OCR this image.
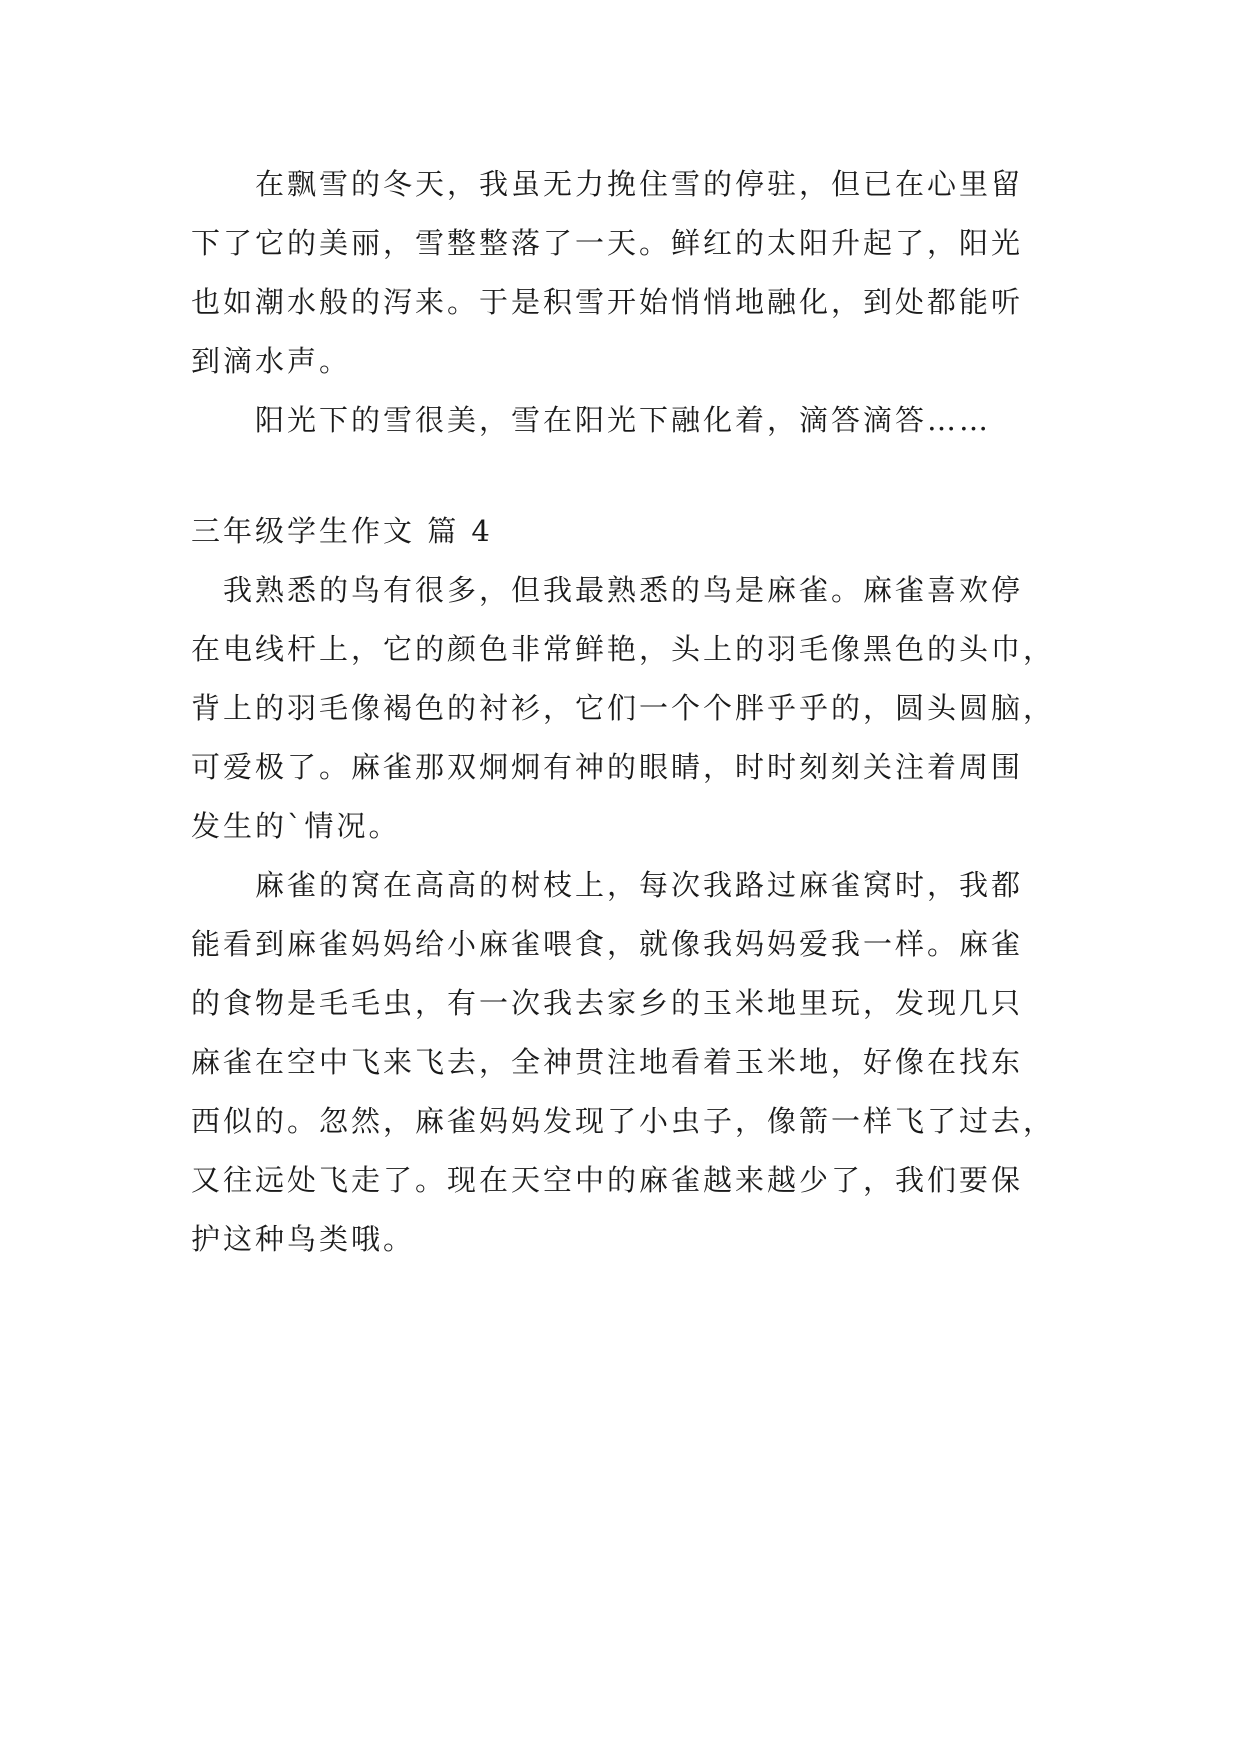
在飘雪的冬天，我虽无力挽住雪的停驻，但已在心里留
下了它的美丽，雪整整落了一天。鲜红的太阳升起了，阳光
也如潮水般的泻来。于是积雪开始悄悄地融化，到处都能听
到滴水声。

阳光下的雪很美，雪在阳光下融化着，滴答滴答……

三年级学生作文 篇 4

我熟悉的鸟有很多，但我最熟悉的鸟是麻雀。麻雀喜欢停
在电线杆上，它的颜色非常鲜艳，头上的羽毛像黑色的头巾，
背上的羽毛像褐色的衬衫，它们一个个胖乎乎的，圆头圆脑，
可爱极了。麻雀那双炯炯有神的眼睛，时时刻刻关注着周围
发生的`情况。

麻雀的窝在高高的树枝上，每次我路过麻雀窝时，我都
能看到麻雀妈妈给小麻雀喂食，就像我妈妈爱我一样。麻雀
的食物是毛毛虫，有一次我去家乡的玉米地里玩，发现几只
麻雀在空中飞来飞去，全神贯注地看着玉米地，好像在找东
西似的。忽然，麻雀妈妈发现了小虫子，像箭一样飞了过去，
又往远处飞走了。现在天空中的麻雀越来越少了，我们要保
护这种鸟类哦。
